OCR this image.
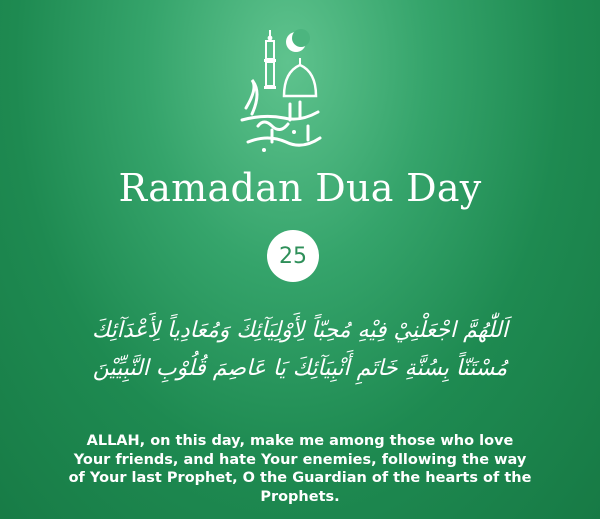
Ramadan Dua Day
25
اَللّٰهُمَّ اجْعَلْنِيْ فِيْهِ مُحِبّاً لِأَوْلِيَآئِكَ وَمُعَادِياً لِأَعْدَآئِكَ
مُسْتَنّاً بِسُنَّةِ خَاتَمِ أَنْبِيَآئِكَ يَا عَاصِمَ قُلُوْبِ النَّبِيِّيْنَ
ALLAH, on this day, make me among those who love Your friends, and hate Your enemies, following the way of Your last Prophet, O the Guardian of the hearts of the Prophets.
